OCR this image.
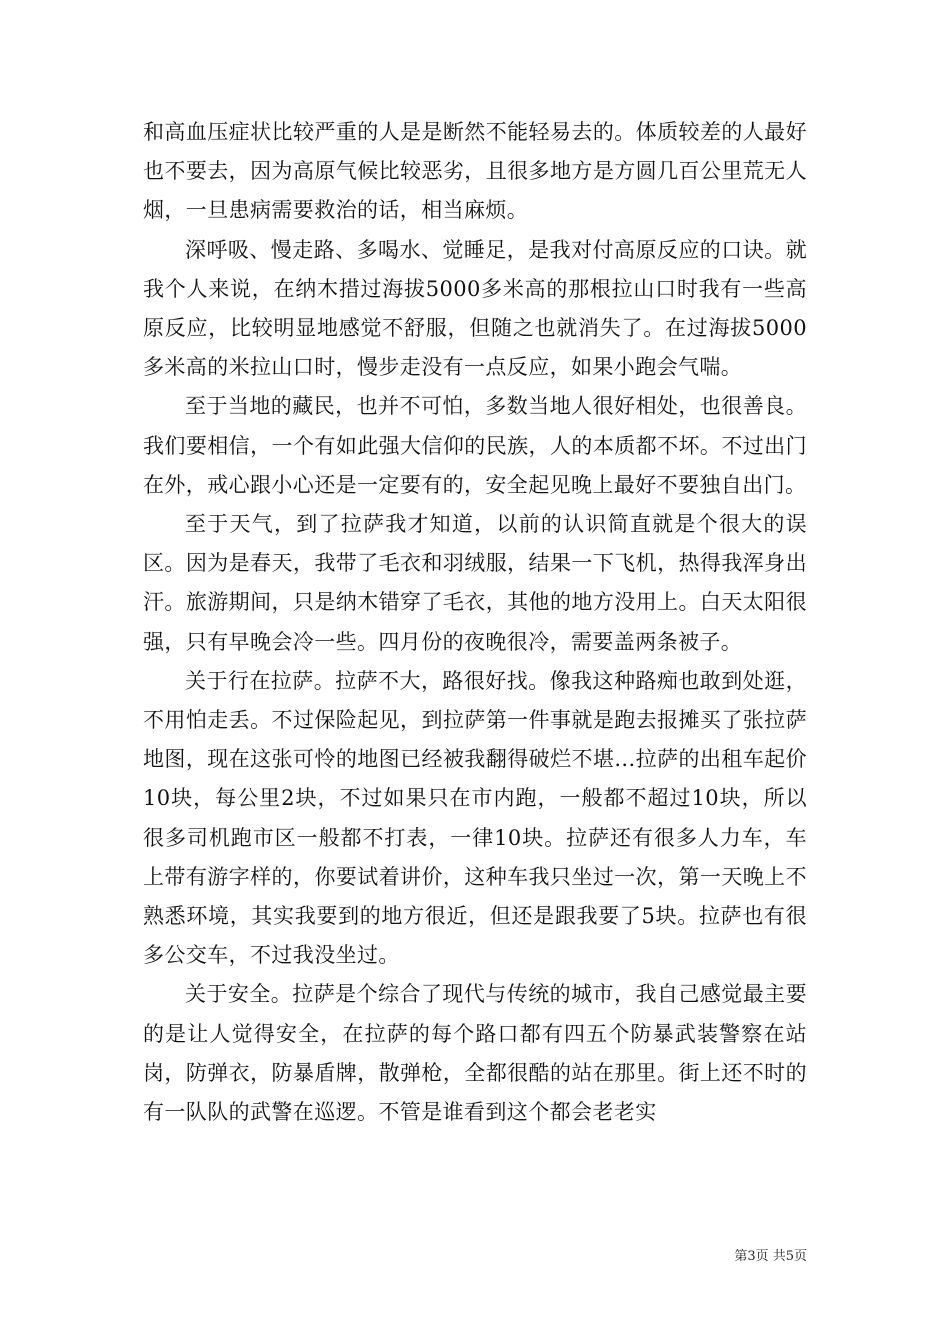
和高血压症状比较严重的人是是断然不能轻易去的。体质较差的人最好也不要去，因为高原气候比较恶劣，且很多地方是方圆几百公里荒无人烟，一旦患病需要救治的话，相当麻烦。

深呼吸、慢走路、多喝水、觉睡足，是我对付高原反应的口诀。就我个人来说，在纳木措过海拔5000多米高的那根拉山口时我有一些高原反应，比较明显地感觉不舒服，但随之也就消失了。在过海拔5000多米高的米拉山口时，慢步走没有一点反应，如果小跑会气喘。

至于当地的藏民，也并不可怕，多数当地人很好相处，也很善良。我们要相信，一个有如此强大信仰的民族，人的本质都不坏。不过出门在外，戒心跟小心还是一定要有的，安全起见晚上最好不要独自出门。

至于天气，到了拉萨我才知道，以前的认识简直就是个很大的误区。因为是春天，我带了毛衣和羽绒服，结果一下飞机，热得我浑身出汗。旅游期间，只是纳木错穿了毛衣，其他的地方没用上。白天太阳很强，只有早晚会冷一些。四月份的夜晚很冷，需要盖两条被子。

关于行在拉萨。拉萨不大，路很好找。像我这种路痴也敢到处逛，不用怕走丢。不过保险起见，到拉萨第一件事就是跑去报摊买了张拉萨地图，现在这张可怜的地图已经被我翻得破烂不堪...拉萨的出租车起价10块，每公里2块，不过如果只在市内跑，一般都不超过10块，所以很多司机跑市区一般都不打表，一律10块。拉萨还有很多人力车，车上带有游字样的，你要试着讲价，这种车我只坐过一次，第一天晚上不熟悉环境，其实我要到的地方很近，但还是跟我要了5块。拉萨也有很多公交车，不过我没坐过。

关于安全。拉萨是个综合了现代与传统的城市，我自己感觉最主要的是让人觉得安全，在拉萨的每个路口都有四五个防暴武装警察在站岗，防弹衣，防暴盾牌，散弹枪，全都很酷的站在那里。街上还不时的有一队队的武警在巡逻。不管是谁看到这个都会老老实

第3页 共5页
